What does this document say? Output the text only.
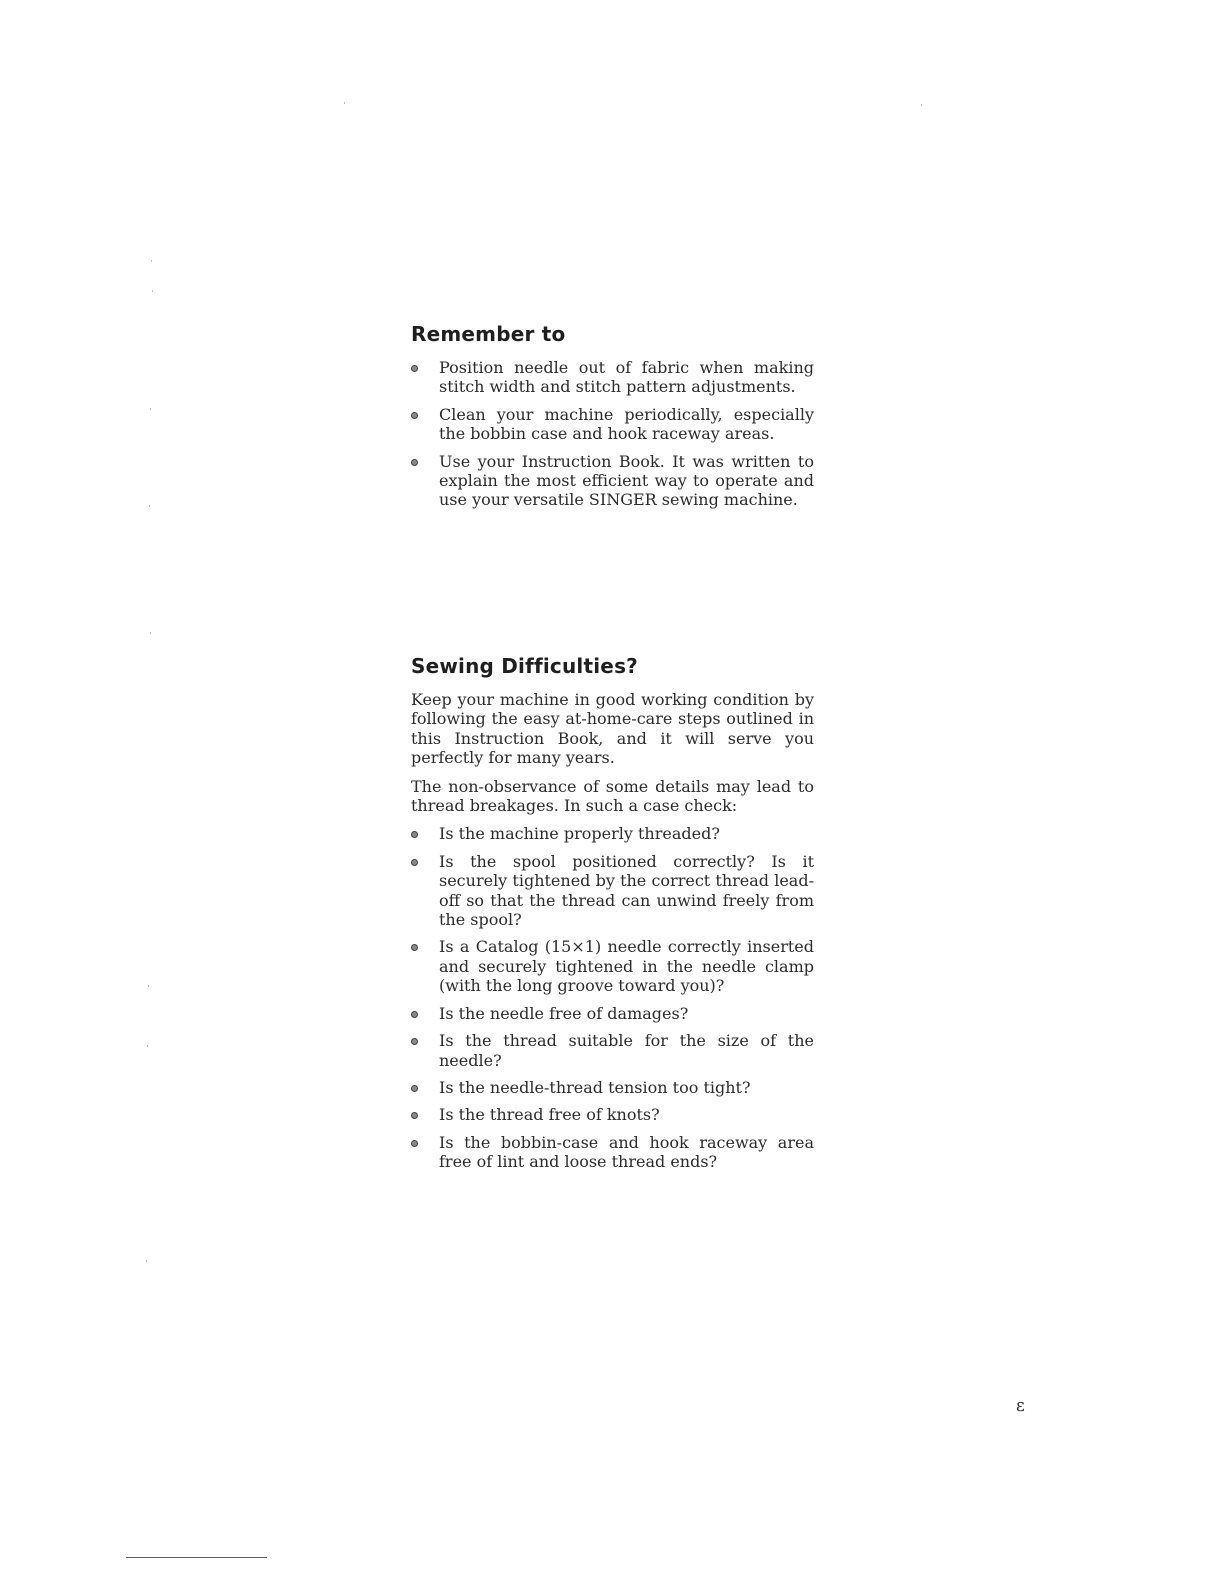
Remember to
Position needle out of fabric when making stitch width and stitch pattern adjustments.
Clean your machine periodically, especially the bobbin case and hook raceway areas.
Use your Instruction Book. It was written to explain the most efficient way to operate and use your versatile SINGER sewing machine.
Sewing Difficulties?

Keep your machine in good working condition by following the easy at-home-care steps outlined in this Instruction Book, and it will serve you perfectly for many years.

The non-observance of some details may lead to thread breakages. In such a case check:

Is the machine properly threaded?
Is the spool positioned correctly? Is it securely tightened by the correct thread lead-off so that the thread can unwind freely from the spool?
Is a Catalog (15×1) needle correctly inserted and securely tightened in the needle clamp (with the long groove toward you)?
Is the needle free of damages?
Is the thread suitable for the size of the needle?
Is the needle-thread tension too tight?
Is the thread free of knots?
Is the bobbin-case and hook raceway area free of lint and loose thread ends?
ε
